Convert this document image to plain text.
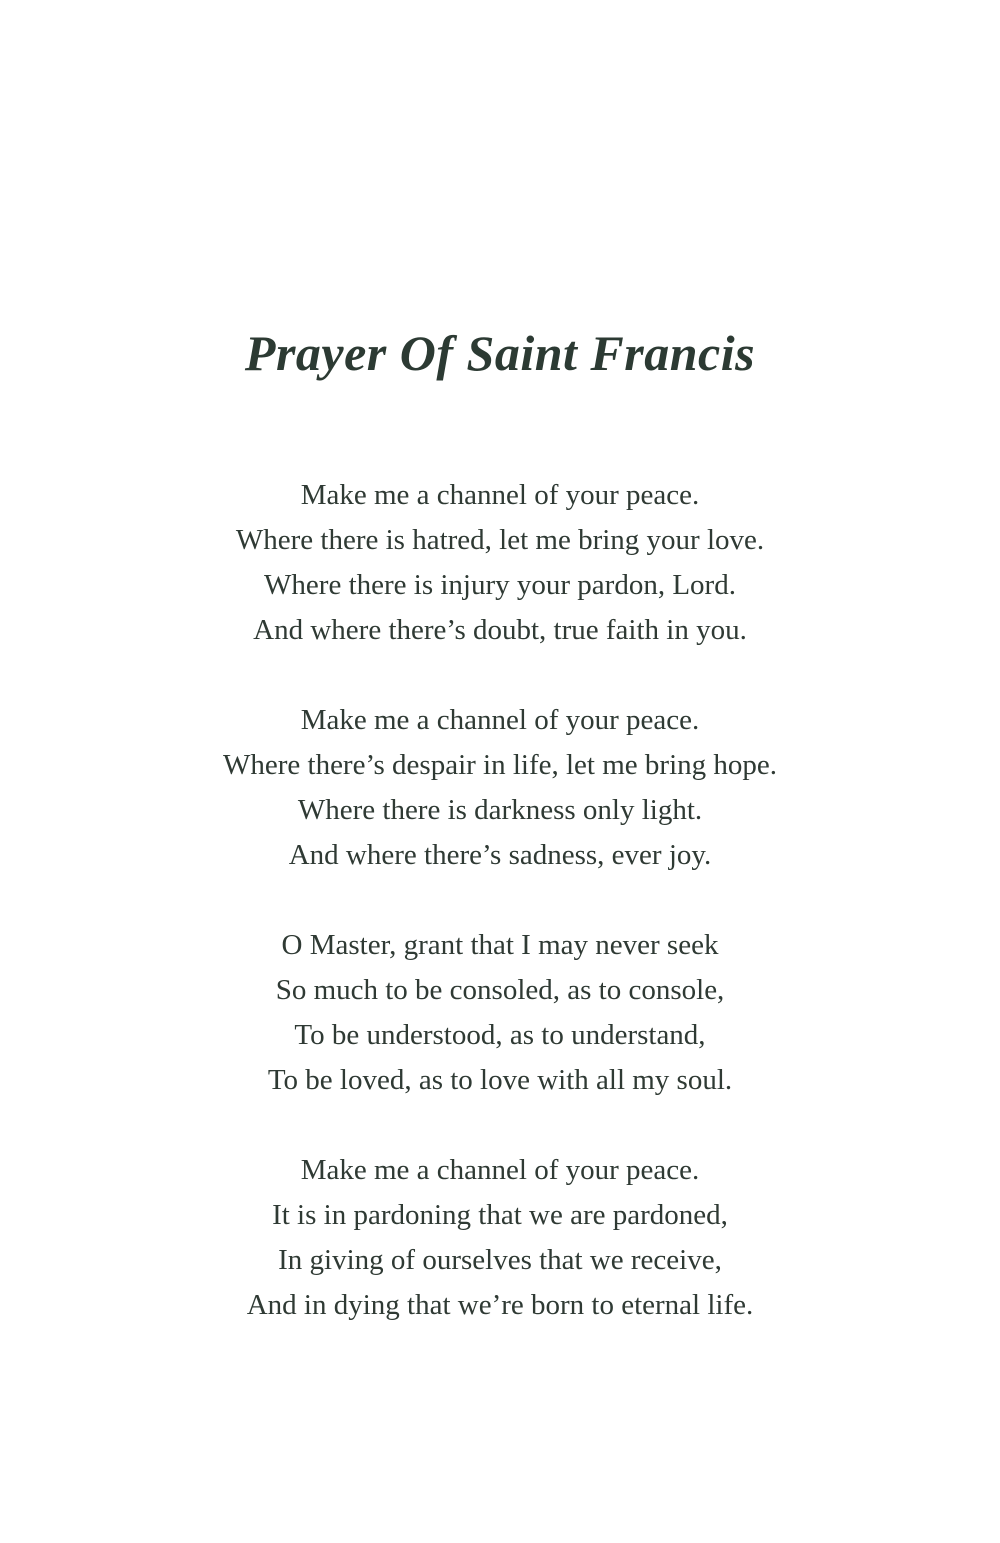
Prayer Of Saint Francis
Make me a channel of your peace.
Where there is hatred, let me bring your love.
Where there is injury your pardon, Lord.
And where there’s doubt, true faith in you.
Make me a channel of your peace.
Where there’s despair in life, let me bring hope.
Where there is darkness only light.
And where there’s sadness, ever joy.
O Master, grant that I may never seek
So much to be consoled, as to console,
To be understood, as to understand,
To be loved, as to love with all my soul.
Make me a channel of your peace.
It is in pardoning that we are pardoned,
In giving of ourselves that we receive,
And in dying that we’re born to eternal life.
